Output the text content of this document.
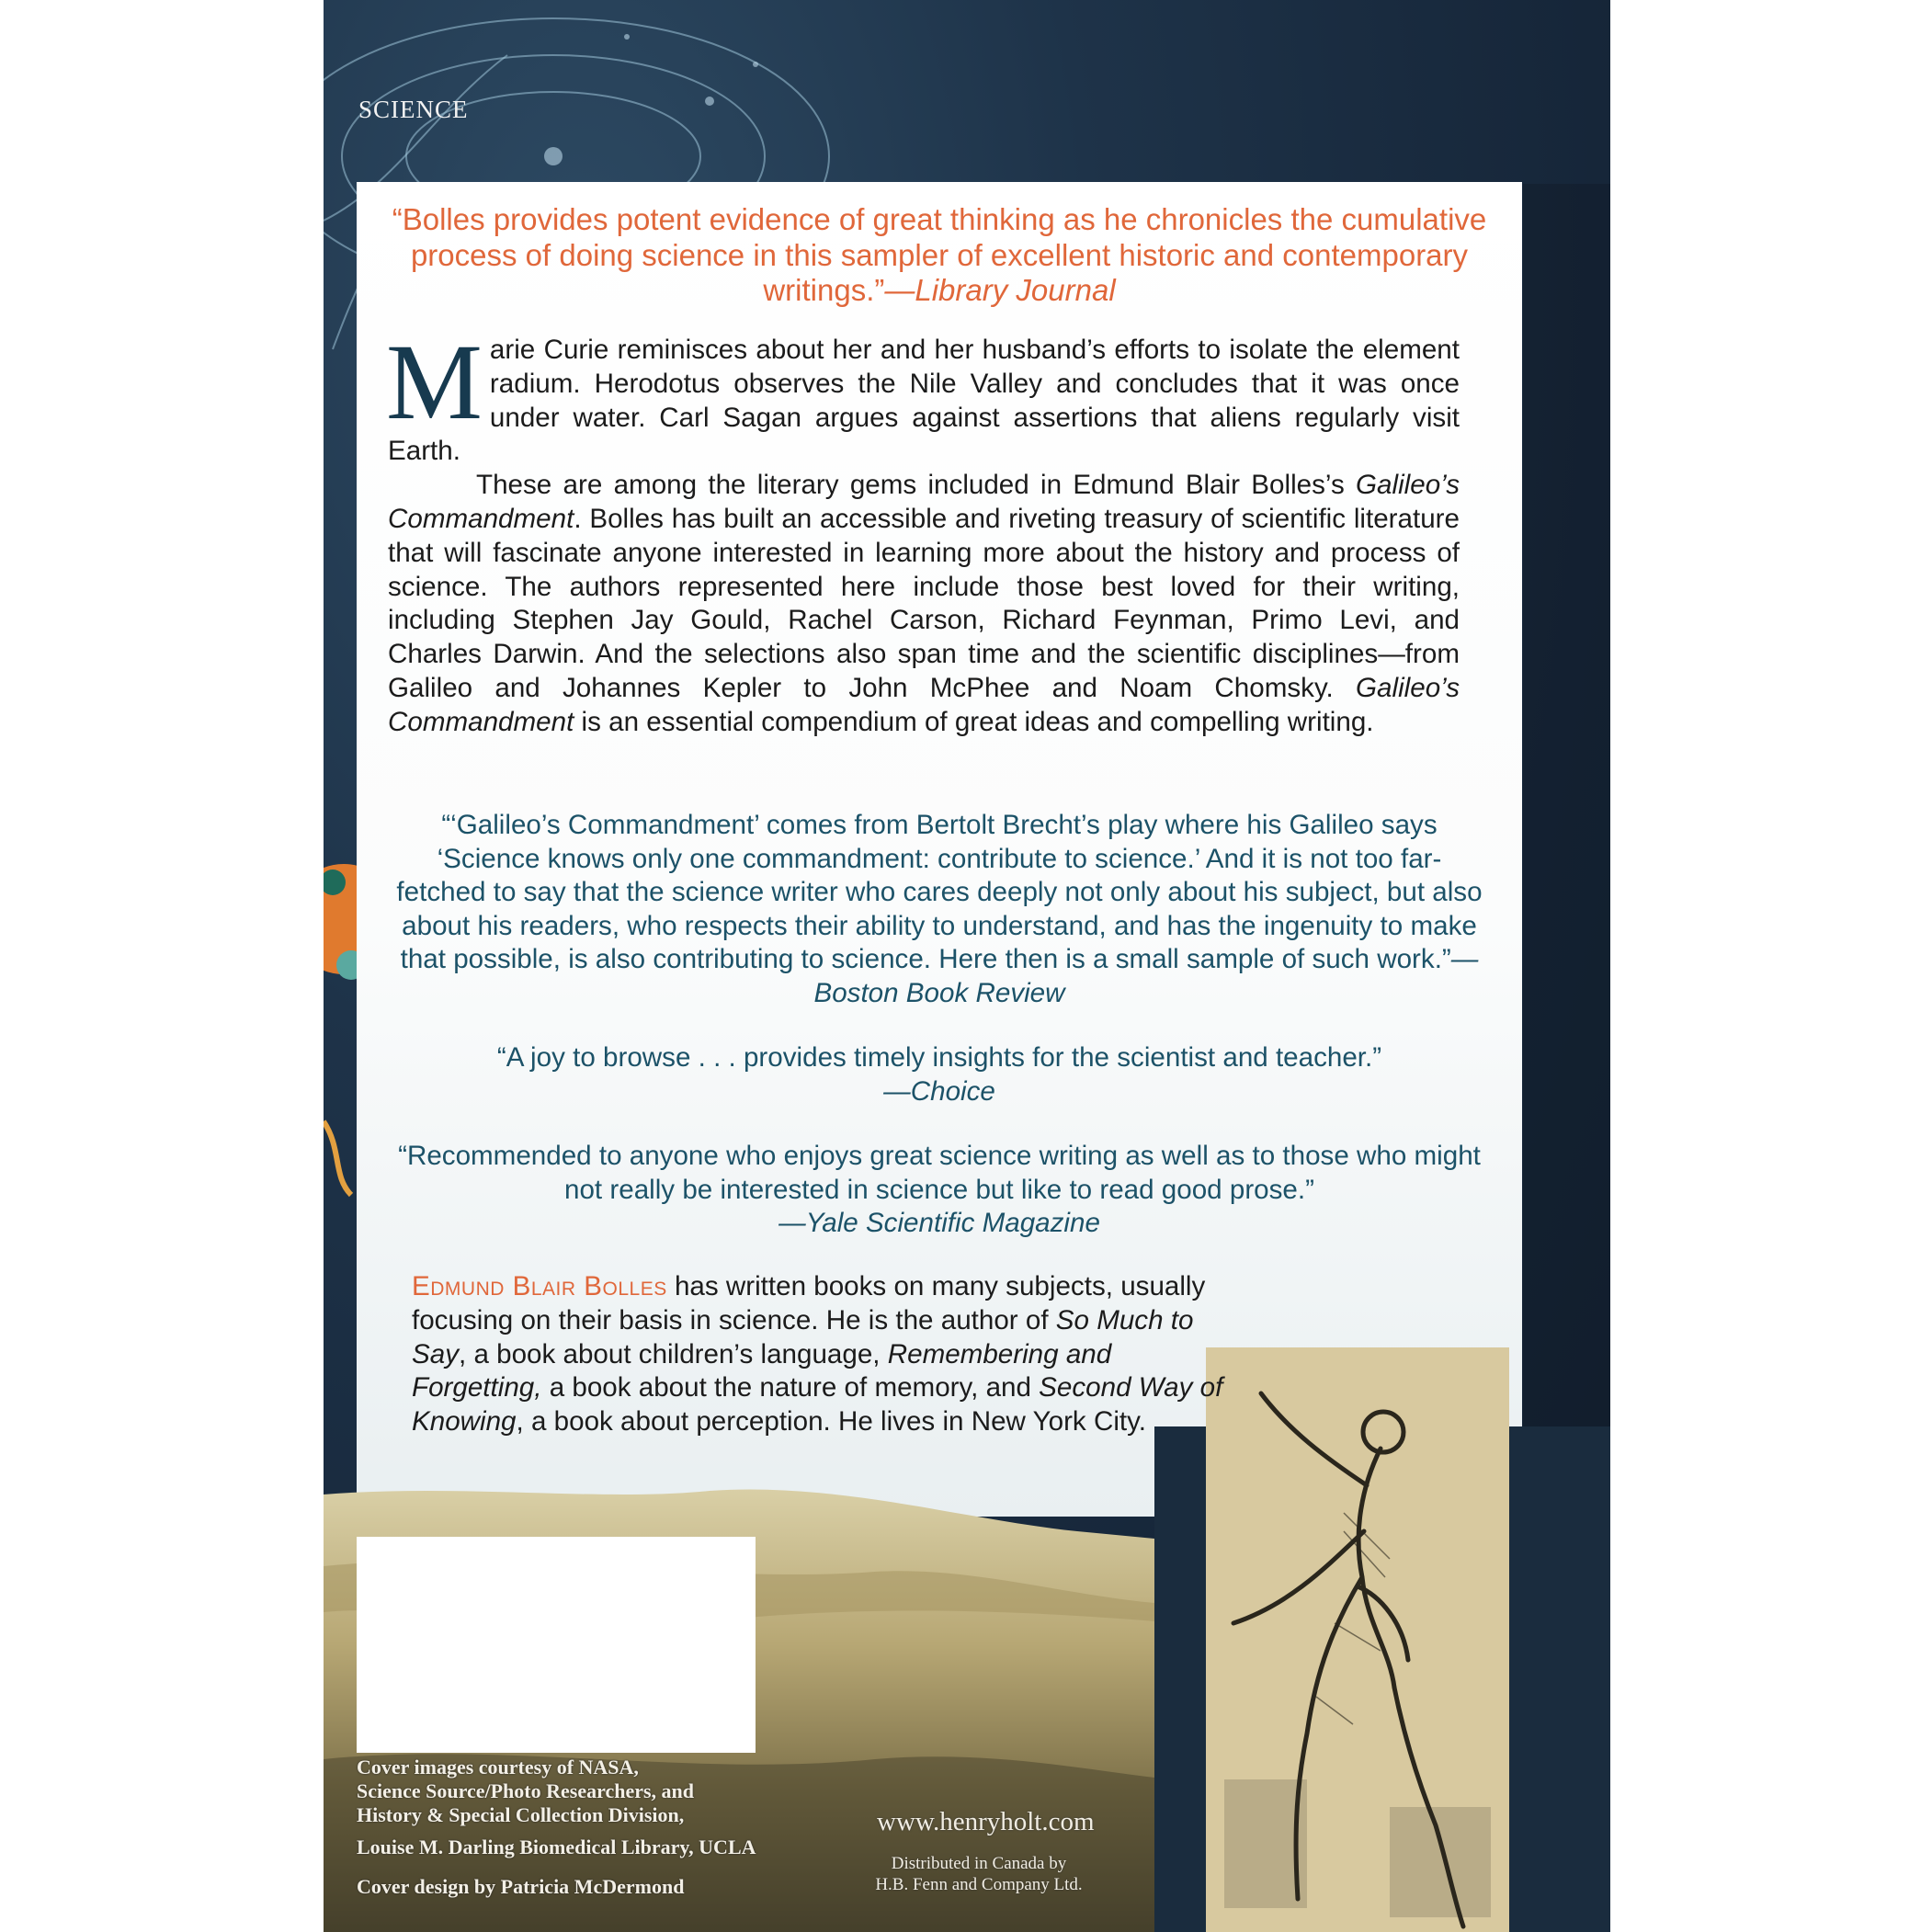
SCIENCE
“Bolles provides potent evidence of great thinking as he chronicles the cumulative process of doing science in this sampler of excellent historic and contemporary writings.”—Library Journal

Marie Curie reminisces about her and her husband’s efforts to isolate the element radium. Herodotus observes the Nile Valley and concludes that it was once under water. Carl Sagan argues against assertions that aliens regularly visit Earth.

These are among the literary gems included in Edmund Blair Bolles’s Galileo’s Commandment. Bolles has built an accessible and riveting treasury of scientific literature that will fascinate anyone interested in learning more about the history and process of science. The authors represented here include those best loved for their writing, including Stephen Jay Gould, Rachel Carson, Richard Feynman, Primo Levi, and Charles Darwin. And the selections also span time and the scientific disciplines—from Galileo and Johannes Kepler to John McPhee and Noam Chomsky. Galileo’s Commandment is an essential compendium of great ideas and compelling writing.

“‘Galileo’s Commandment’ comes from Bertolt Brecht’s play where his Galileo says ‘Science knows only one commandment: contribute to science.’ And it is not too far-fetched to say that the science writer who cares deeply not only about his subject, but also about his readers, who respects their ability to understand, and has the ingenuity to make that possible, is also contributing to science. Here then is a small sample of such work.”—Boston Book Review
“A joy to browse . . . provides timely insights for the scientist and teacher.”
—Choice
“Recommended to anyone who enjoys great science writing as well as to those who might not really be interested in science but like to read good prose.”
—Yale Scientific Magazine
Cover images courtesy of NASA,
Science Source/Photo Researchers, and
History & Special Collection Division,
Louise M. Darling Biomedical Library, UCLA
Cover design by Patricia McDermond
www.henryholt.com
Distributed in Canada by
H.B. Fenn and Company Ltd.
Edmund Blair Bolles has written books on many subjects, usually focusing on their basis in science. He is the author of So Much to Say, a book about children’s language, Remembering and Forgetting, a book about the nature of memory, and Second Way of Knowing, a book about perception. He lives in New York City.
